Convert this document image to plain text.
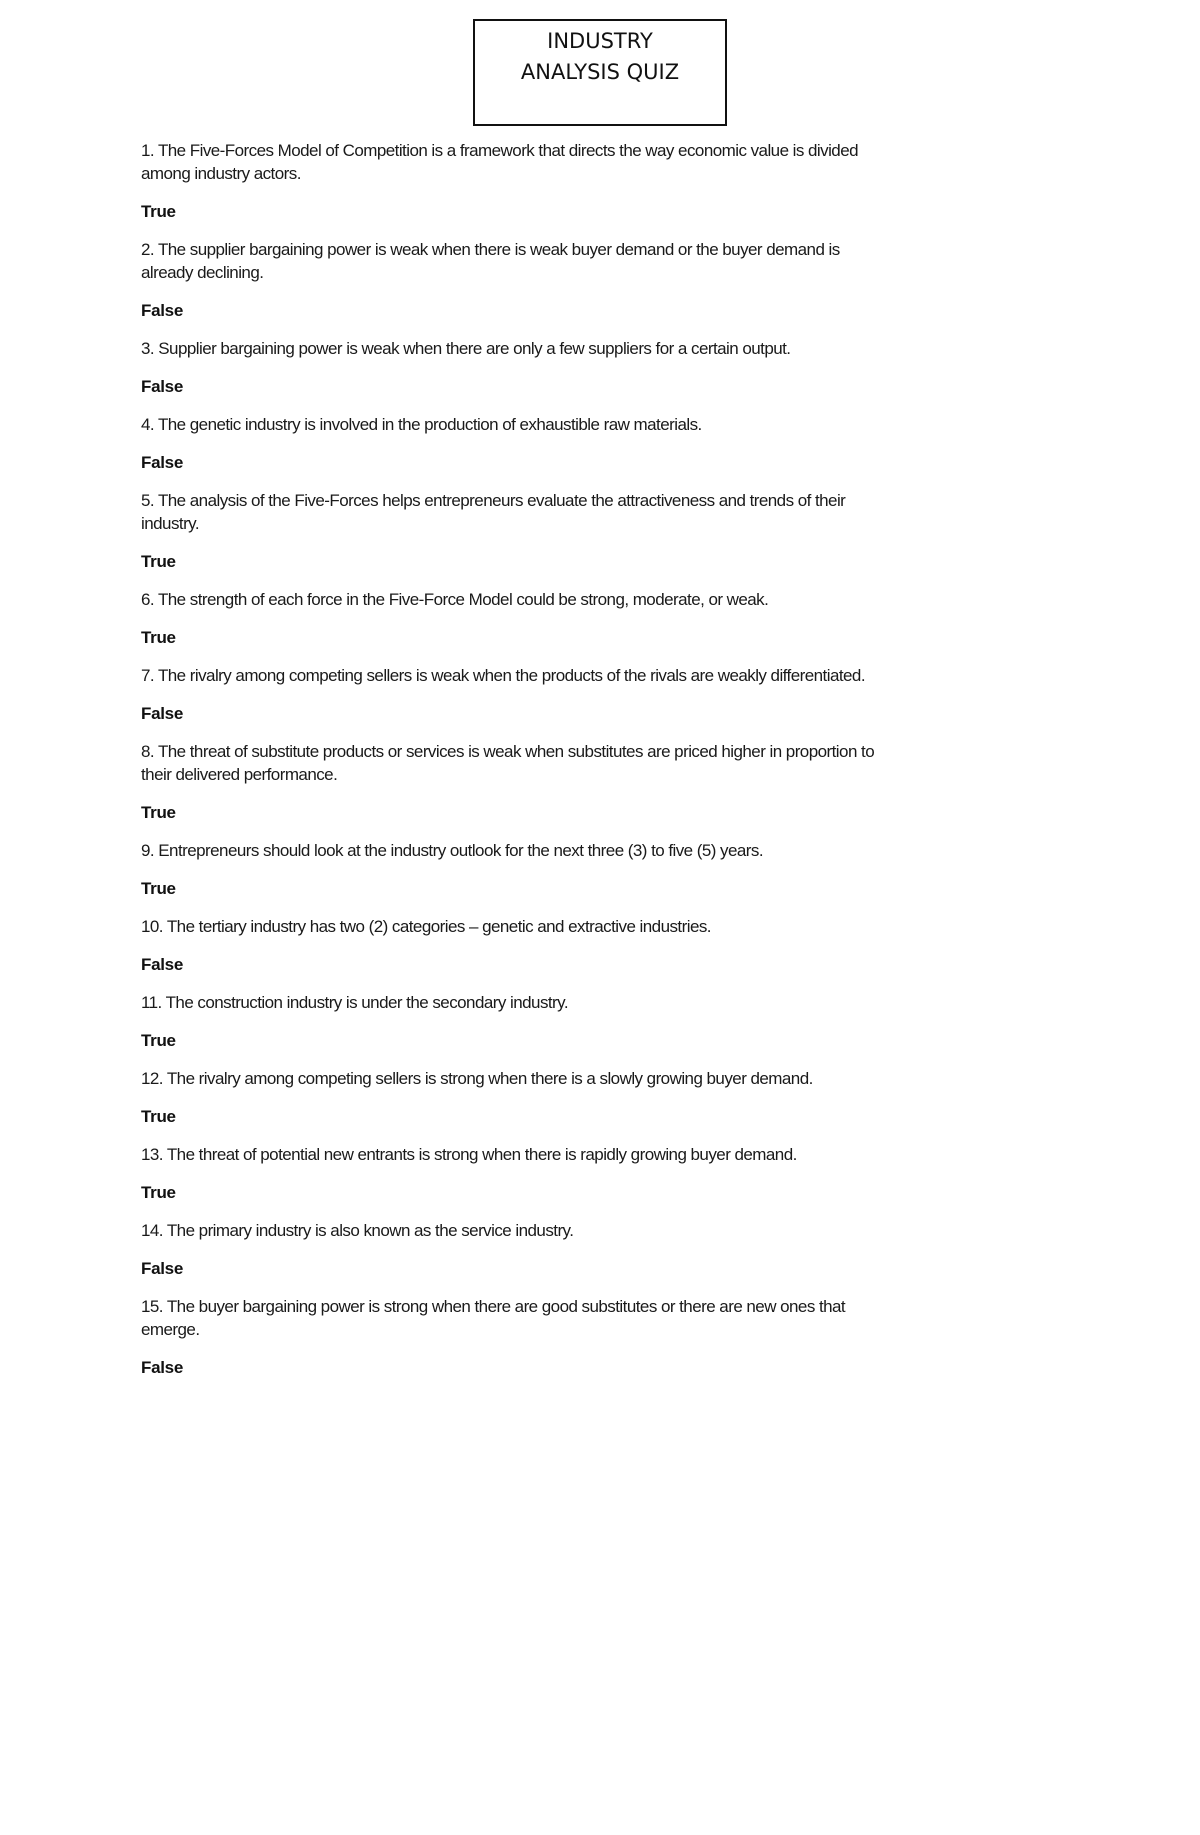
INDUSTRY
ANALYSIS QUIZ
1. The Five-Forces Model of Competition is a framework that directs the way economic value is divided
among industry actors.
True
2. The supplier bargaining power is weak when there is weak buyer demand or the buyer demand is
already declining.
False
3. Supplier bargaining power is weak when there are only a few suppliers for a certain output.
False
4. The genetic industry is involved in the production of exhaustible raw materials.
False
5. The analysis of the Five-Forces helps entrepreneurs evaluate the attractiveness and trends of their
industry.
True
6. The strength of each force in the Five-Force Model could be strong, moderate, or weak.
True
7. The rivalry among competing sellers is weak when the products of the rivals are weakly differentiated.
False
8. The threat of substitute products or services is weak when substitutes are priced higher in proportion to
their delivered performance.
True
9. Entrepreneurs should look at the industry outlook for the next three (3) to five (5) years.
True
10. The tertiary industry has two (2) categories – genetic and extractive industries.
False
11. The construction industry is under the secondary industry.
True
12. The rivalry among competing sellers is strong when there is a slowly growing buyer demand.
True
13. The threat of potential new entrants is strong when there is rapidly growing buyer demand.
True
14. The primary industry is also known as the service industry.
False
15. The buyer bargaining power is strong when there are good substitutes or there are new ones that
emerge.
False
